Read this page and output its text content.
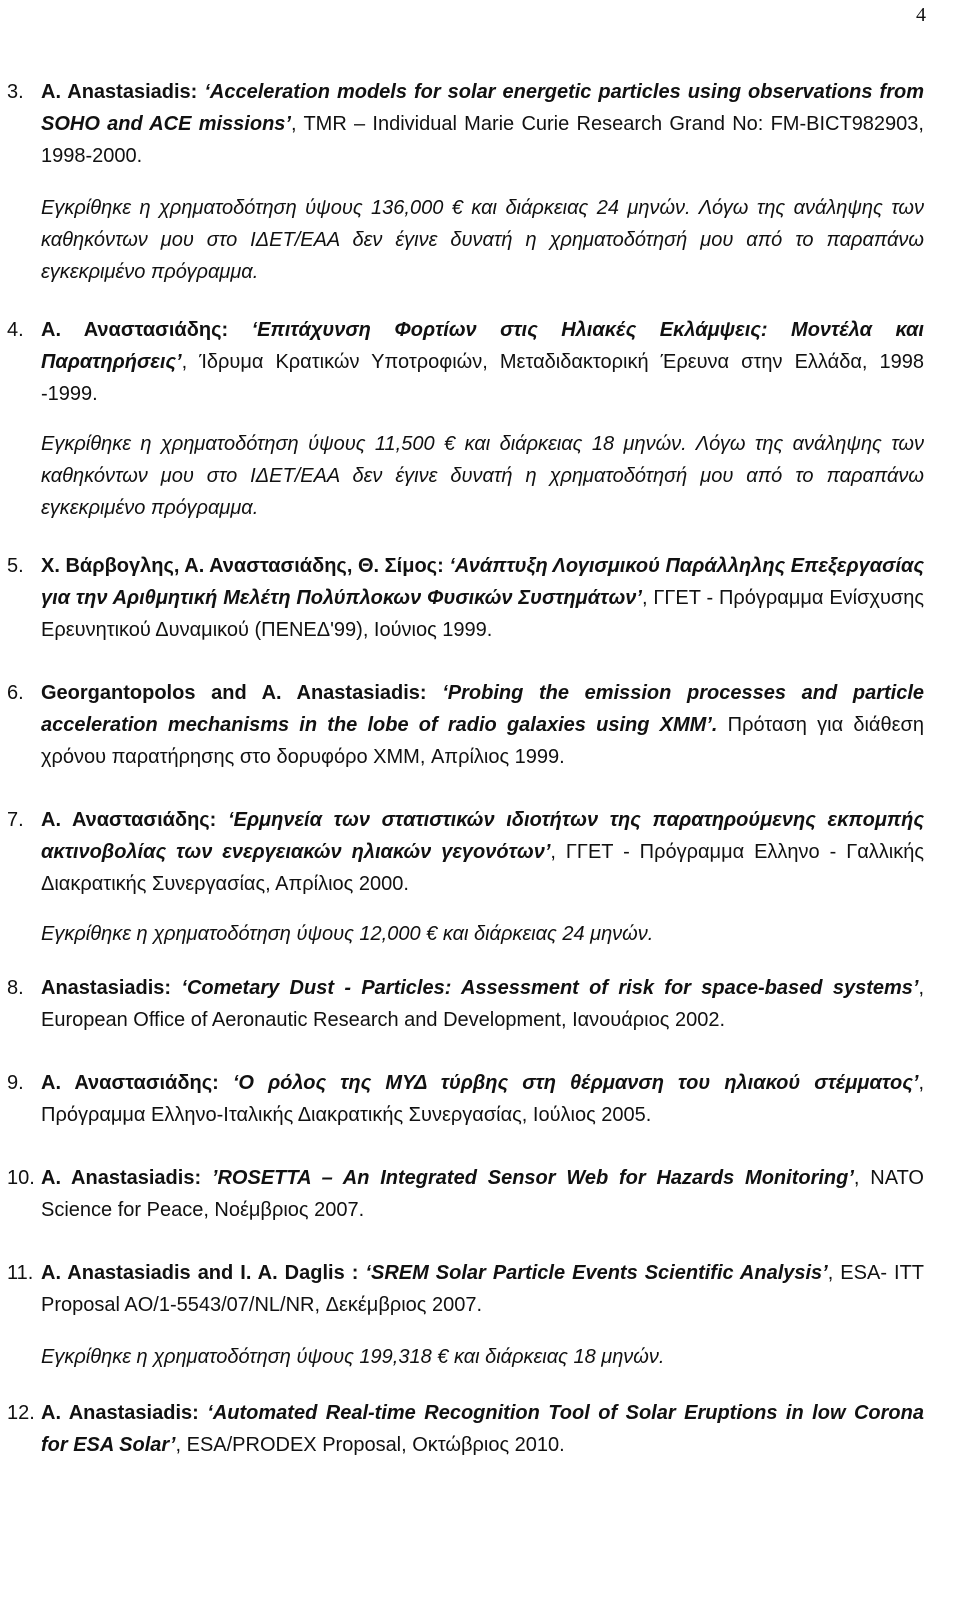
4
3. A. Anastasiadis: ‘Acceleration models for solar energetic particles using observations from SOHO and ACE missions’, TMR – Individual Marie Curie Research Grand No: FM-BICT982903, 1998-2000.

Εγκρίθηκε η χρηματοδότηση ύψους 136,000 € και διάρκειας 24 μηνών. Λόγω της ανάληψης των καθηκόντων μου στο ΙΔΕΤ/ΕΑΑ δεν έγινε δυνατή η χρηματοδότησή μου από το παραπάνω εγκεκριμένο πρόγραμμα.

4. Α. Αναστασιάδης: ‘Επιτάχυνση Φορτίων στις Ηλιακές Εκλάμψεις: Μοντέλα και Παρατηρήσεις’, Ίδρυμα Κρατικών Υποτροφιών, Μεταδιδακτορική Έρευνα στην Ελλάδα, 1998 -1999.

Εγκρίθηκε η χρηματοδότηση ύψους 11,500 € και διάρκειας 18 μηνών. Λόγω της ανάληψης των καθηκόντων μου στο ΙΔΕΤ/ΕΑΑ δεν έγινε δυνατή η χρηματοδότησή μου από το παραπάνω εγκεκριμένο πρόγραμμα.

5. Χ. Βάρβογλης, Α. Αναστασιάδης, Θ. Σίμος: ‘Ανάπτυξη Λογισμικού Παράλληλης Επεξεργασίας για την Αριθμητική Μελέτη Πολύπλοκων Φυσικών Συστημάτων’, ΓΓΕΤ - Πρόγραμμα Ενίσχυσης Ερευνητικού Δυναμικού (ΠΕΝΕΔ'99), Ιούνιος 1999.

6. Georgantopolos and A. Anastasiadis: ‘Probing the emission processes and particle acceleration mechanisms in the lobe of radio galaxies using XMM’. Πρόταση για διάθεση χρόνου παρατήρησης στο δορυφόρο XMM, Απρίλιος 1999.

7. Α. Αναστασιάδης: ‘Ερμηνεία των στατιστικών ιδιοτήτων της παρατηρούμενης εκπομπής ακτινοβολίας των ενεργειακών ηλιακών γεγονότων’, ΓΓΕΤ - Πρόγραμμα Ελληνο - Γαλλικής Διακρατικής Συνεργασίας, Απρίλιος 2000.

Εγκρίθηκε η χρηματοδότηση ύψους 12,000 € και διάρκειας 24 μηνών.

8. Anastasiadis: ‘Cometary Dust - Particles: Assessment of risk for space-based systems’, European Office of Aeronautic Research and Development, Ιανουάριος 2002.

9. Α. Αναστασιάδης: ‘Ο ρόλος της ΜΥΔ τύρβης στη θέρμανση του ηλιακού στέμματος’, Πρόγραμμα Ελληνο-Ιταλικής Διακρατικής Συνεργασίας, Ιούλιος 2005.

10. A. Anastasiadis: ’ROSETTA – An Integrated Sensor Web for Hazards Monitoring’, NATO Science for Peace, Νοέμβριος 2007.

11. A. Anastasiadis and I. A. Daglis : ‘SREM Solar Particle Events Scientific Analysis’, ESA- ITT Proposal AO/1-5543/07/NL/NR, Δεκέμβριος 2007.

Εγκρίθηκε η χρηματοδότηση ύψους 199,318 € και διάρκειας 18 μηνών.

12. A. Anastasiadis: ‘Automated Real-time Recognition Tool of Solar Eruptions in low Corona for ESA Solar’, ESA/PRODEX Proposal, Οκτώβριος 2010.
